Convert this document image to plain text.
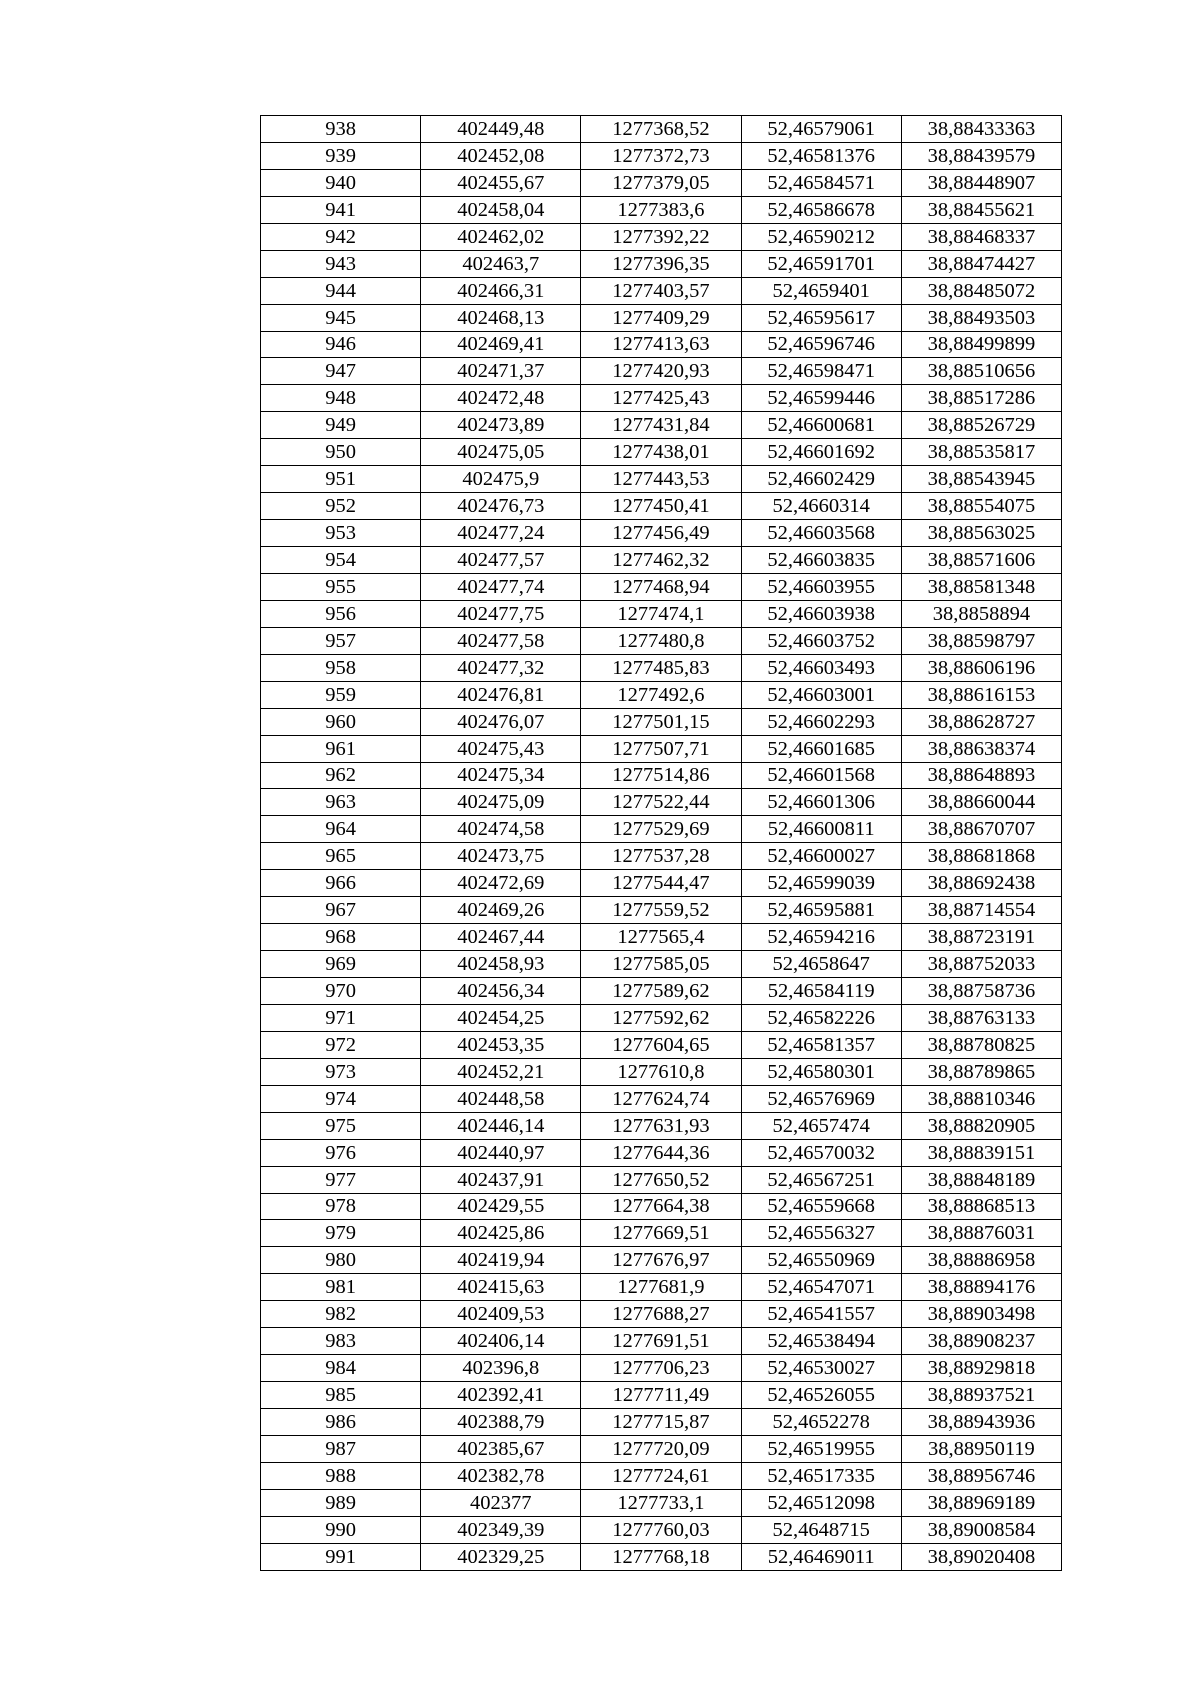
938	402449,48	1277368,52	52,46579061	38,88433363
939	402452,08	1277372,73	52,46581376	38,88439579
940	402455,67	1277379,05	52,46584571	38,88448907
941	402458,04	1277383,6	52,46586678	38,88455621
942	402462,02	1277392,22	52,46590212	38,88468337
943	402463,7	1277396,35	52,46591701	38,88474427
944	402466,31	1277403,57	52,4659401	38,88485072
945	402468,13	1277409,29	52,46595617	38,88493503
946	402469,41	1277413,63	52,46596746	38,88499899
947	402471,37	1277420,93	52,46598471	38,88510656
948	402472,48	1277425,43	52,46599446	38,88517286
949	402473,89	1277431,84	52,46600681	38,88526729
950	402475,05	1277438,01	52,46601692	38,88535817
951	402475,9	1277443,53	52,46602429	38,88543945
952	402476,73	1277450,41	52,4660314	38,88554075
953	402477,24	1277456,49	52,46603568	38,88563025
954	402477,57	1277462,32	52,46603835	38,88571606
955	402477,74	1277468,94	52,46603955	38,88581348
956	402477,75	1277474,1	52,46603938	38,8858894
957	402477,58	1277480,8	52,46603752	38,88598797
958	402477,32	1277485,83	52,46603493	38,88606196
959	402476,81	1277492,6	52,46603001	38,88616153
960	402476,07	1277501,15	52,46602293	38,88628727
961	402475,43	1277507,71	52,46601685	38,88638374
962	402475,34	1277514,86	52,46601568	38,88648893
963	402475,09	1277522,44	52,46601306	38,88660044
964	402474,58	1277529,69	52,46600811	38,88670707
965	402473,75	1277537,28	52,46600027	38,88681868
966	402472,69	1277544,47	52,46599039	38,88692438
967	402469,26	1277559,52	52,46595881	38,88714554
968	402467,44	1277565,4	52,46594216	38,88723191
969	402458,93	1277585,05	52,4658647	38,88752033
970	402456,34	1277589,62	52,46584119	38,88758736
971	402454,25	1277592,62	52,46582226	38,88763133
972	402453,35	1277604,65	52,46581357	38,88780825
973	402452,21	1277610,8	52,46580301	38,88789865
974	402448,58	1277624,74	52,46576969	38,88810346
975	402446,14	1277631,93	52,4657474	38,88820905
976	402440,97	1277644,36	52,46570032	38,88839151
977	402437,91	1277650,52	52,46567251	38,88848189
978	402429,55	1277664,38	52,46559668	38,88868513
979	402425,86	1277669,51	52,46556327	38,88876031
980	402419,94	1277676,97	52,46550969	38,88886958
981	402415,63	1277681,9	52,46547071	38,88894176
982	402409,53	1277688,27	52,46541557	38,88903498
983	402406,14	1277691,51	52,46538494	38,88908237
984	402396,8	1277706,23	52,46530027	38,88929818
985	402392,41	1277711,49	52,46526055	38,88937521
986	402388,79	1277715,87	52,4652278	38,88943936
987	402385,67	1277720,09	52,46519955	38,88950119
988	402382,78	1277724,61	52,46517335	38,88956746
989	402377	1277733,1	52,46512098	38,88969189
990	402349,39	1277760,03	52,4648715	38,89008584
991	402329,25	1277768,18	52,46469011	38,89020408
